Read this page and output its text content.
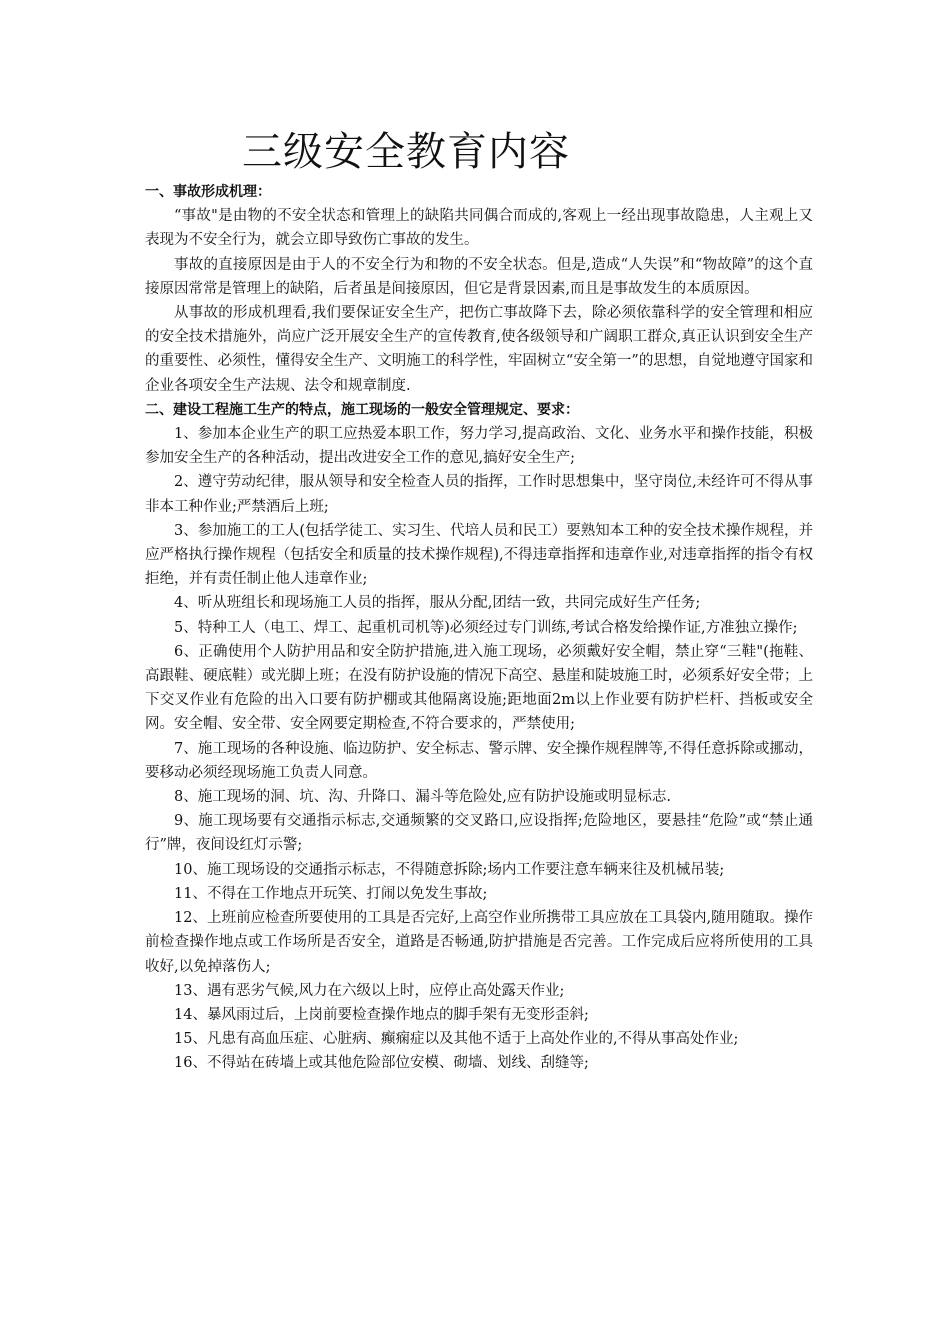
三级安全教育内容

一、事故形成机理：

“事故"是由物的不安全状态和管理上的缺陷共同偶合而成的,客观上一经出现事故隐患，人主观上又表现为不安全行为，就会立即导致伤亡事故的发生。

事故的直接原因是由于人的不安全行为和物的不安全状态。但是,造成“人失误”和“物故障”的这个直接原因常常是管理上的缺陷，后者虽是间接原因，但它是背景因素,而且是事故发生的本质原因。

从事故的形成机理看,我们要保证安全生产，把伤亡事故降下去，除必须依靠科学的安全管理和相应的安全技术措施外，尚应广泛开展安全生产的宣传教育,使各级领导和广阔职工群众,真正认识到安全生产的重要性、必须性，懂得安全生产、文明施工的科学性，牢固树立“安全第一”的思想，自觉地遵守国家和企业各项安全生产法规、法令和规章制度.

二、建设工程施工生产的特点，施工现场的一般安全管理规定、要求：

1、参加本企业生产的职工应热爱本职工作，努力学习,提高政治、文化、业务水平和操作技能，积极参加安全生产的各种活动，提出改进安全工作的意见,搞好安全生产;

2、遵守劳动纪律，服从领导和安全检查人员的指挥，工作时思想集中，坚守岗位,未经许可不得从事非本工种作业;严禁酒后上班;

3、参加施工的工人(包括学徒工、实习生、代培人员和民工）要熟知本工种的安全技术操作规程，并应严格执行操作规程（包括安全和质量的技术操作规程),不得违章指挥和违章作业,对违章指挥的指令有权拒绝，并有责任制止他人违章作业;

4、听从班组长和现场施工人员的指挥，服从分配,团结一致，共同完成好生产任务;

5、特种工人（电工、焊工、起重机司机等)必须经过专门训练,考试合格发给操作证,方准独立操作;

6、正确使用个人防护用品和安全防护措施,进入施工现场，必须戴好安全帽，禁止穿“三鞋"(拖鞋、高跟鞋、硬底鞋）或光脚上班；在没有防护设施的情况下高空、悬崖和陡坡施工时，必须系好安全带；上下交叉作业有危险的出入口要有防护棚或其他隔离设施;距地面2m以上作业要有防护栏杆、挡板或安全网。安全帽、安全带、安全网要定期检查,不符合要求的，严禁使用;

7、施工现场的各种设施、临边防护、安全标志、警示牌、安全操作规程牌等,不得任意拆除或挪动，要移动必须经现场施工负责人同意。

8、施工现场的洞、坑、沟、升降口、漏斗等危险处,应有防护设施或明显标志.

9、施工现场要有交通指示标志,交通频繁的交叉路口,应设指挥;危险地区，要悬挂“危险”或“禁止通行”牌，夜间设红灯示警;

10、施工现场设的交通指示标志，不得随意拆除;场内工作要注意车辆来往及机械吊装;

11、不得在工作地点开玩笑、打闹以免发生事故;

12、上班前应检查所要使用的工具是否完好,上高空作业所携带工具应放在工具袋内,随用随取。操作前检查操作地点或工作场所是否安全，道路是否畅通,防护措施是否完善。工作完成后应将所使用的工具收好,以免掉落伤人;

13、遇有恶劣气候,风力在六级以上时，应停止高处露天作业;

14、暴风雨过后，上岗前要检查操作地点的脚手架有无变形歪斜;

15、凡患有高血压症、心脏病、癫痫症以及其他不适于上高处作业的,不得从事高处作业;

16、不得站在砖墙上或其他危险部位安模、砌墙、划线、刮缝等;
